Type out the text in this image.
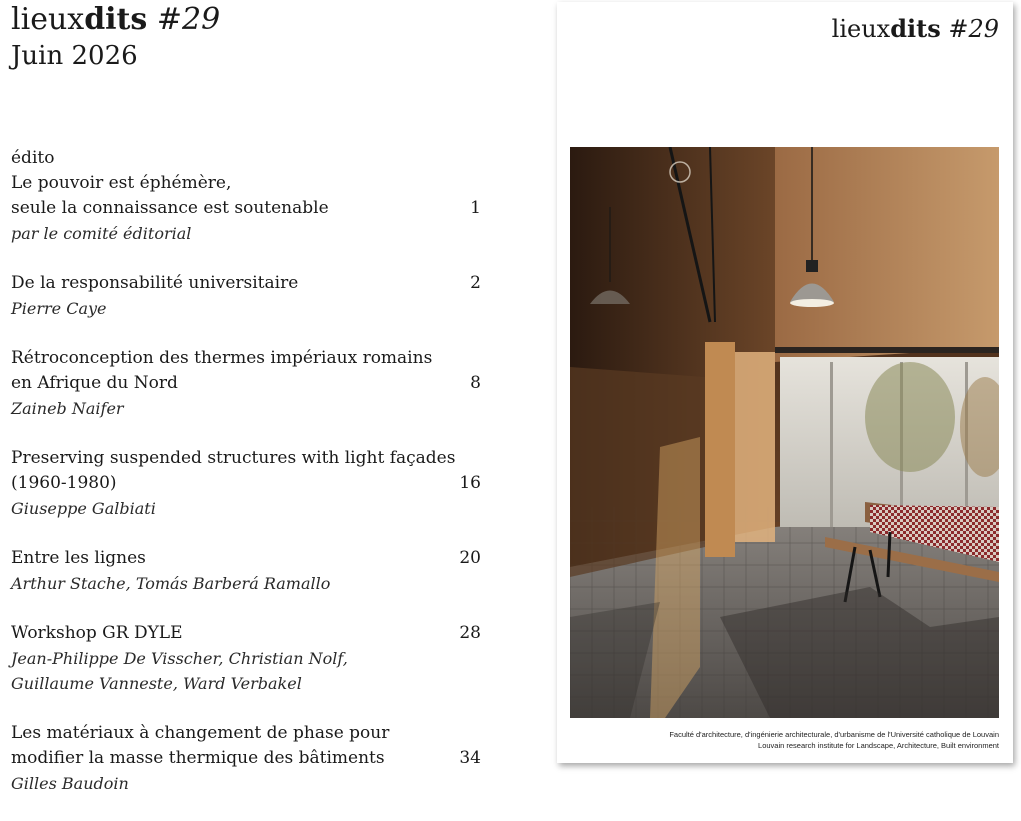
lieuxdits #29
Juin 2026
édito
Le pouvoir est éphémère,
seule la connaissance est soutenable	1
par le comité éditorial
De la responsabilité universitaire	2
Pierre Caye
Rétroconception des thermes impériaux romains
en Afrique du Nord	8
Zaineb Naifer
Preserving suspended structures with light façades
(1960-1980)	16
Giuseppe Galbiati
Entre les lignes	20
Arthur Stache, Tomás Barberá Ramallo
Workshop GR DYLE	28
Jean-Philippe De Visscher, Christian Nolf,
Guillaume Vanneste, Ward Verbakel
Les matériaux à changement de phase pour
modifier la masse thermique des bâtiments	34
Gilles Baudoin
lieuxdits #29
Faculté d'architecture, d'ingénierie architecturale, d'urbanisme de l'Université catholique de Louvain
Louvain research institute for Landscape, Architecture, Built environment
